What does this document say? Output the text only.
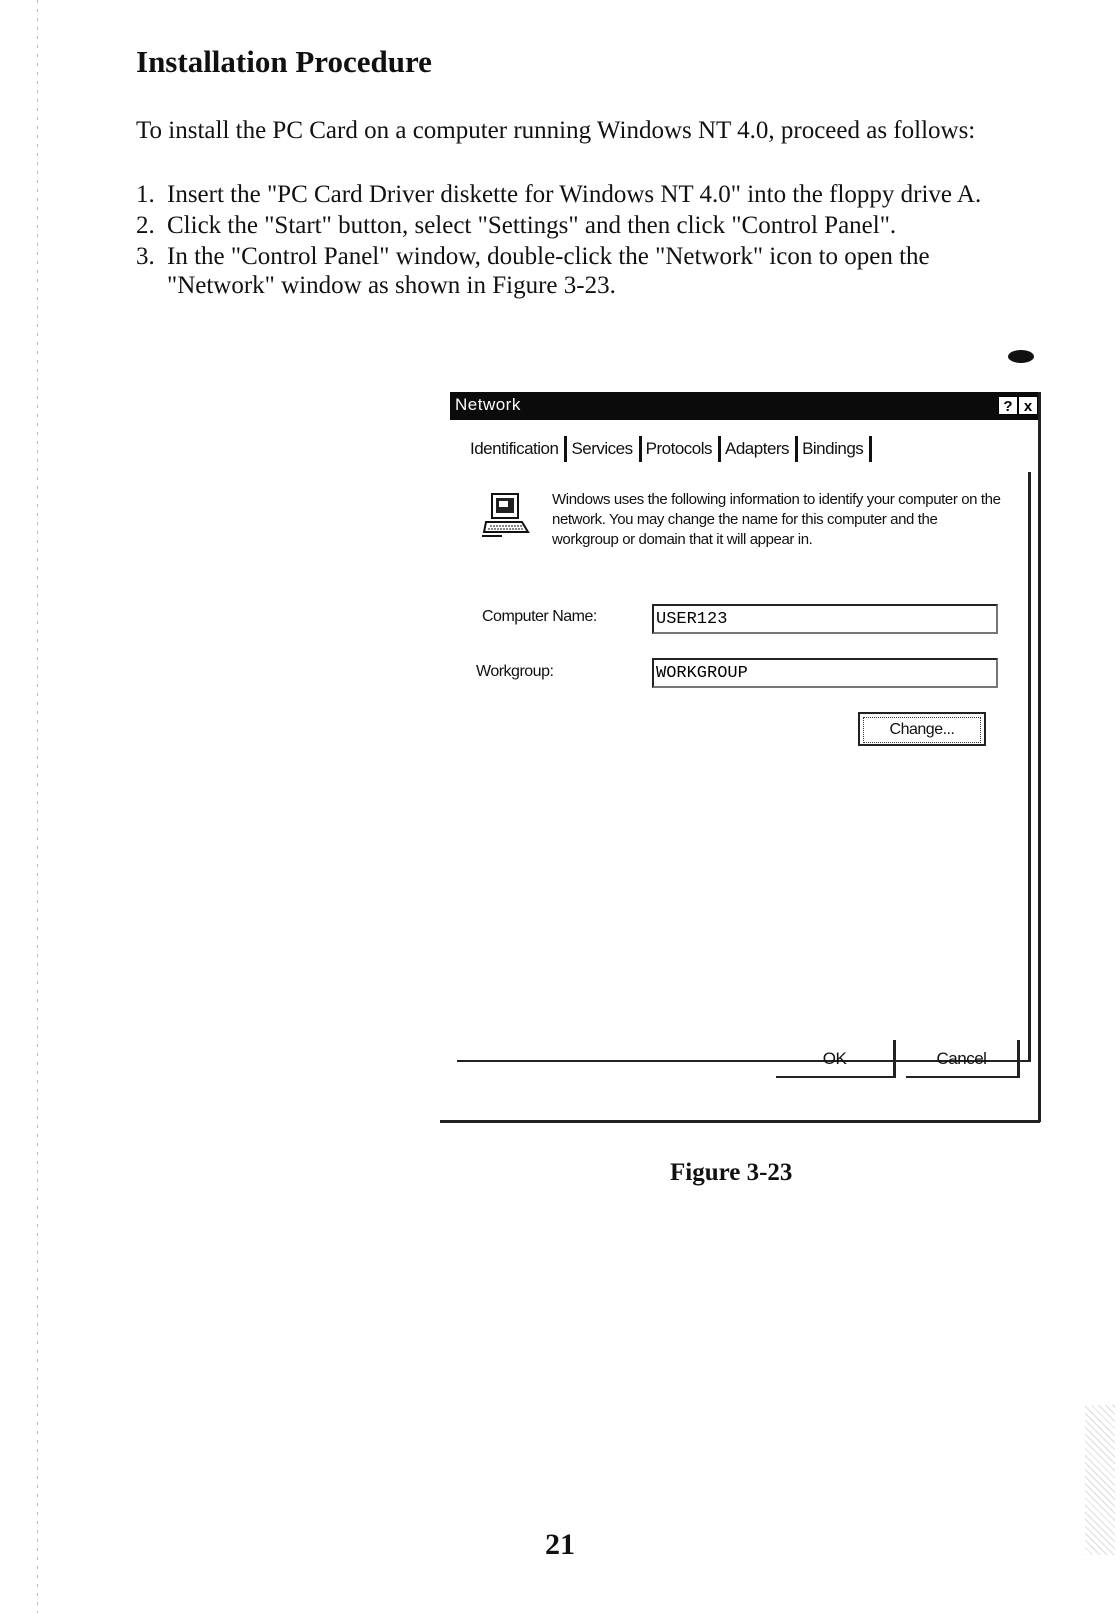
Installation Procedure

To install the PC Card on a computer running Windows NT 4.0, proceed as follows:

1. Insert the "PC Card Driver diskette for Windows NT 4.0" into the floppy drive A.
2. Click the "Start" button, select "Settings" and then click "Control Panel".
3. In the "Control Panel" window, double-click the "Network" icon to open the "Network" window as shown in Figure 3-23.
Network	? x
Identification Services Protocols Adapters Bindings

Windows uses the following information to identify your computer on the network. You may change the name for this computer and the workgroup or domain that it will appear in.

Computer Name:
USER123
Workgroup:
WORKGROUP
Change...
OK	Cancel
Figure 3-23
21
